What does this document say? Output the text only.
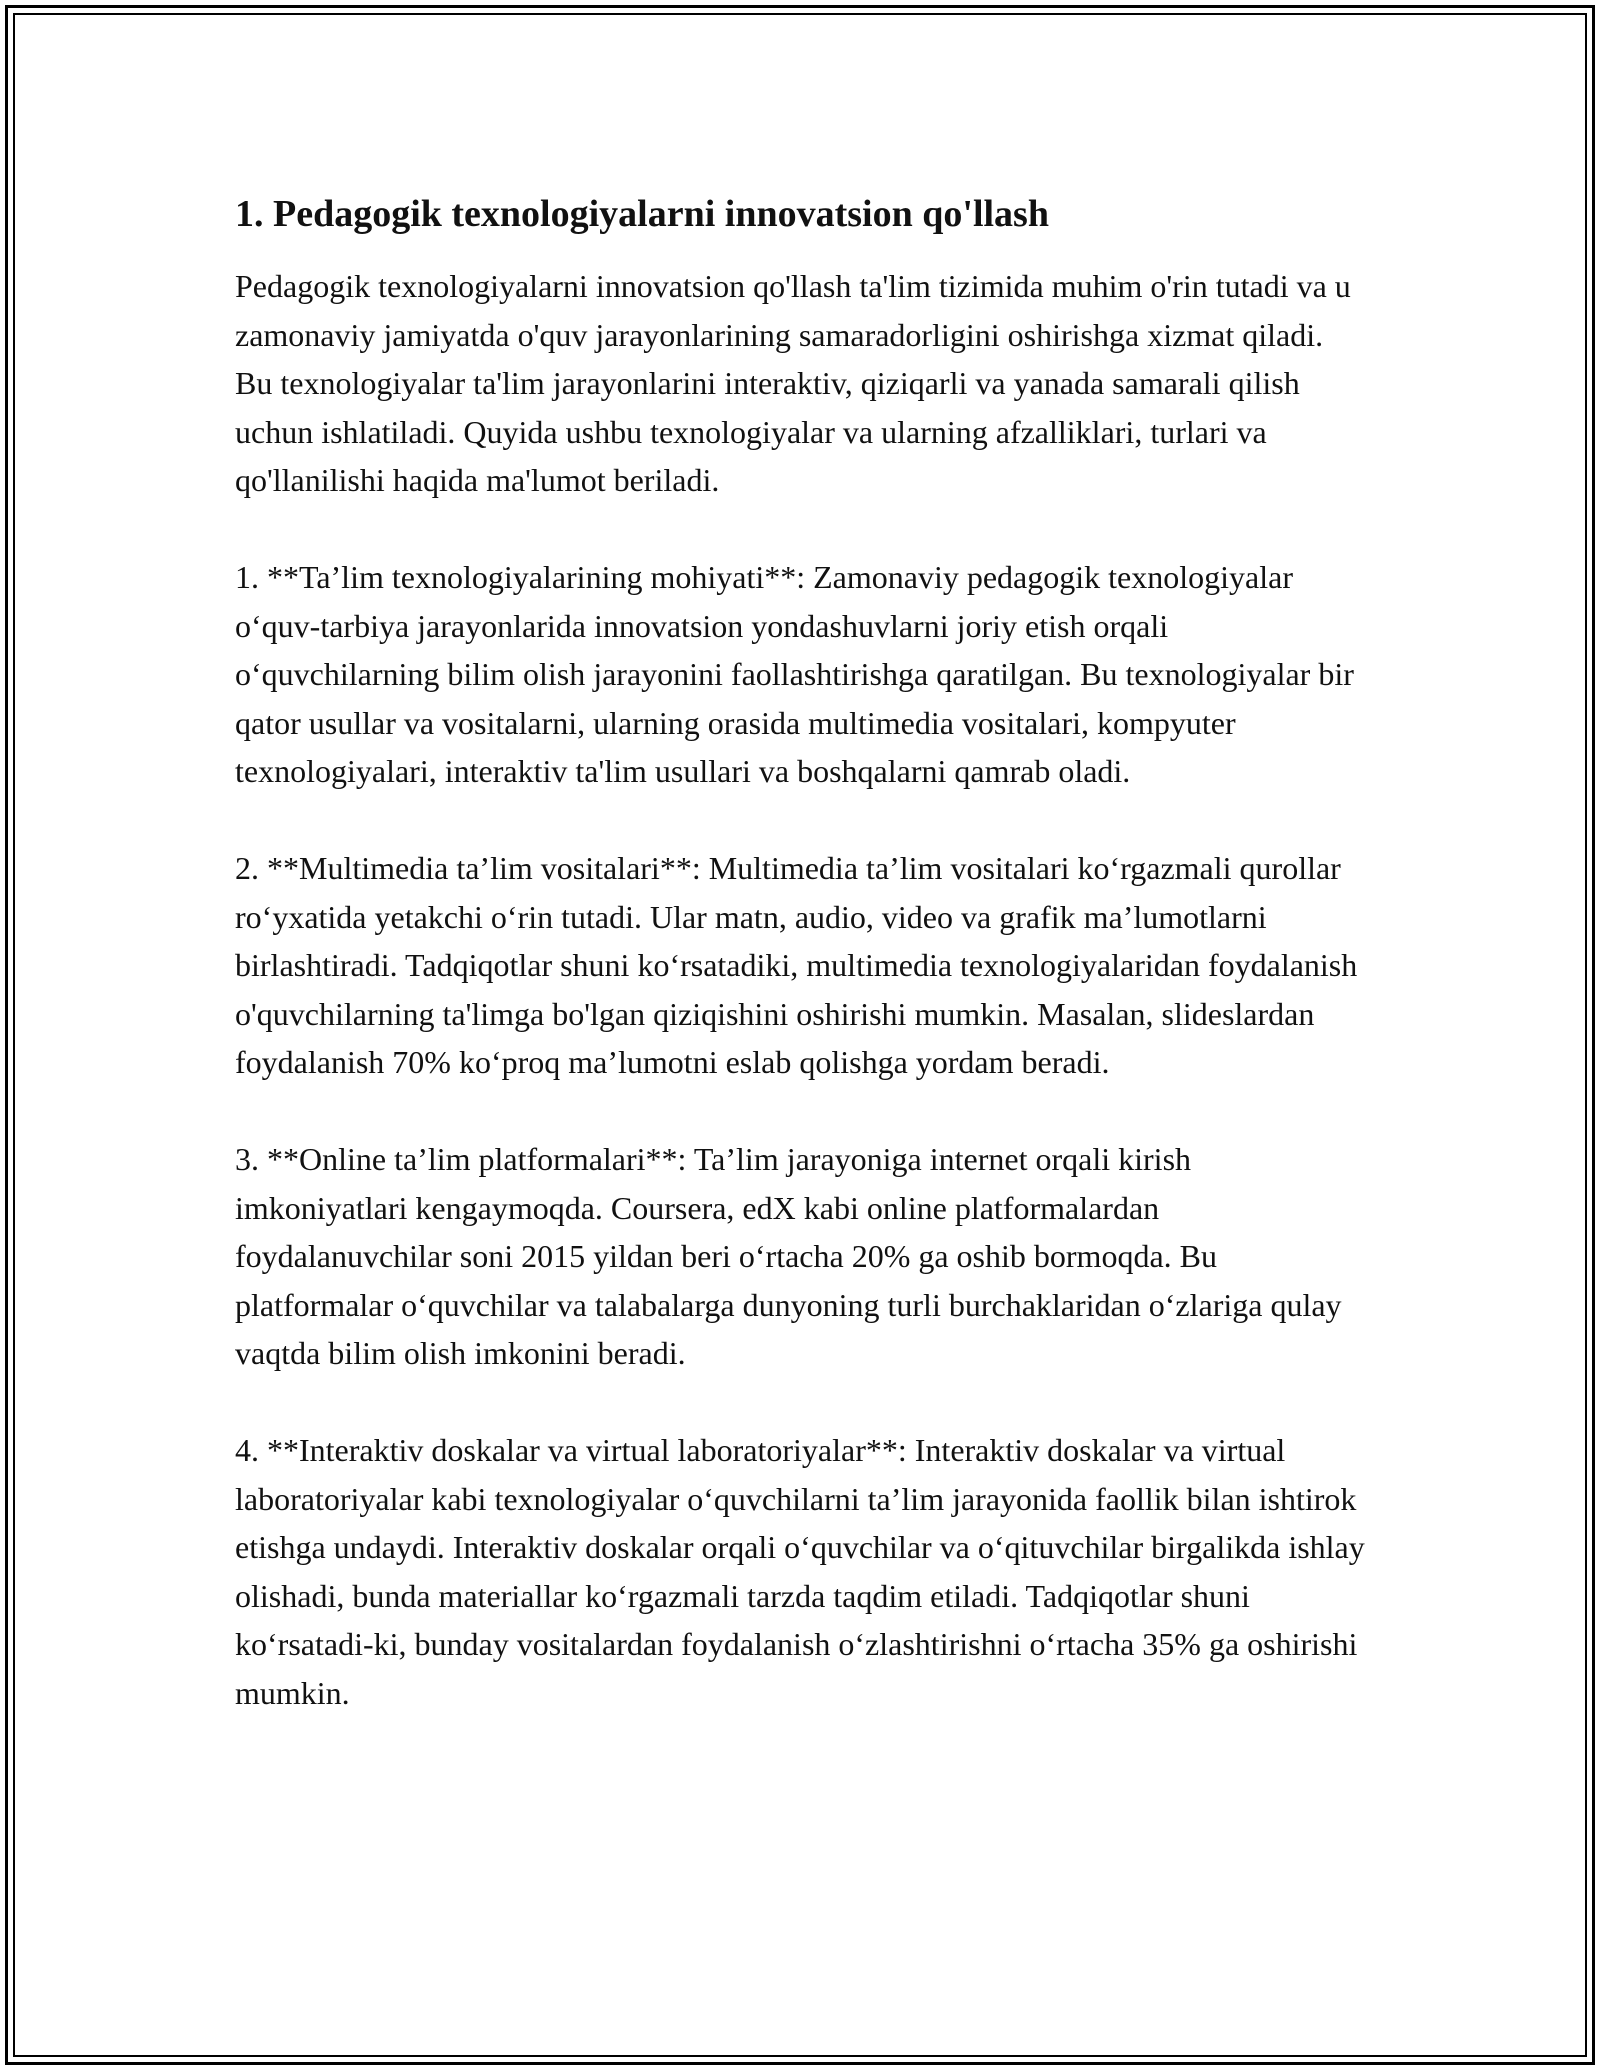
1. Pedagogik texnologiyalarni innovatsion qo'llash

Pedagogik texnologiyalarni innovatsion qo'llash ta'lim tizimida muhim o'rin tutadi va u zamonaviy jamiyatda o'quv jarayonlarining samaradorligini oshirishga xizmat qiladi. Bu texnologiyalar ta'lim jarayonlarini interaktiv, qiziqarli va yanada samarali qilish uchun ishlatiladi. Quyida ushbu texnologiyalar va ularning afzalliklari, turlari va qo'llanilishi haqida ma'lumot beriladi.

1. **Ta’lim texnologiyalarining mohiyati**: Zamonaviy pedagogik texnologiyalar o‘quv-tarbiya jarayonlarida innovatsion yondashuvlarni joriy etish orqali o‘quvchilarning bilim olish jarayonini faollashtirishga qaratilgan. Bu texnologiyalar bir qator usullar va vositalarni, ularning orasida multimedia vositalari, kompyuter texnologiyalari, interaktiv ta'lim usullari va boshqalarni qamrab oladi.

2. **Multimedia ta’lim vositalari**: Multimedia ta’lim vositalari ko‘rgazmali qurollar ro‘yxatida yetakchi o‘rin tutadi. Ular matn, audio, video va grafik ma’lumotlarni birlashtiradi. Tadqiqotlar shuni ko‘rsatadiki, multimedia texnologiyalaridan foydalanish o'quvchilarning ta'limga bo'lgan qiziqishini oshirishi mumkin. Masalan, slideslardan foydalanish 70% ko‘proq ma’lumotni eslab qolishga yordam beradi.

3. **Online ta’lim platformalari**: Ta’lim jarayoniga internet orqali kirish imkoniyatlari kengaymoqda. Coursera, edX kabi online platformalardan foydalanuvchilar soni 2015 yildan beri o‘rtacha 20% ga oshib bormoqda. Bu platformalar o‘quvchilar va talabalarga dunyoning turli burchaklaridan o‘zlariga qulay vaqtda bilim olish imkonini beradi.

4. **Interaktiv doskalar va virtual laboratoriyalar**: Interaktiv doskalar va virtual laboratoriyalar kabi texnologiyalar o‘quvchilarni ta’lim jarayonida faollik bilan ishtirok etishga undaydi. Interaktiv doskalar orqali o‘quvchilar va o‘qituvchilar birgalikda ishlay olishadi, bunda materiallar ko‘rgazmali tarzda taqdim etiladi. Tadqiqotlar shuni ko‘rsatadi-ki, bunday vositalardan foydalanish o‘zlashtirishni o‘rtacha 35% ga oshirishi mumkin.
